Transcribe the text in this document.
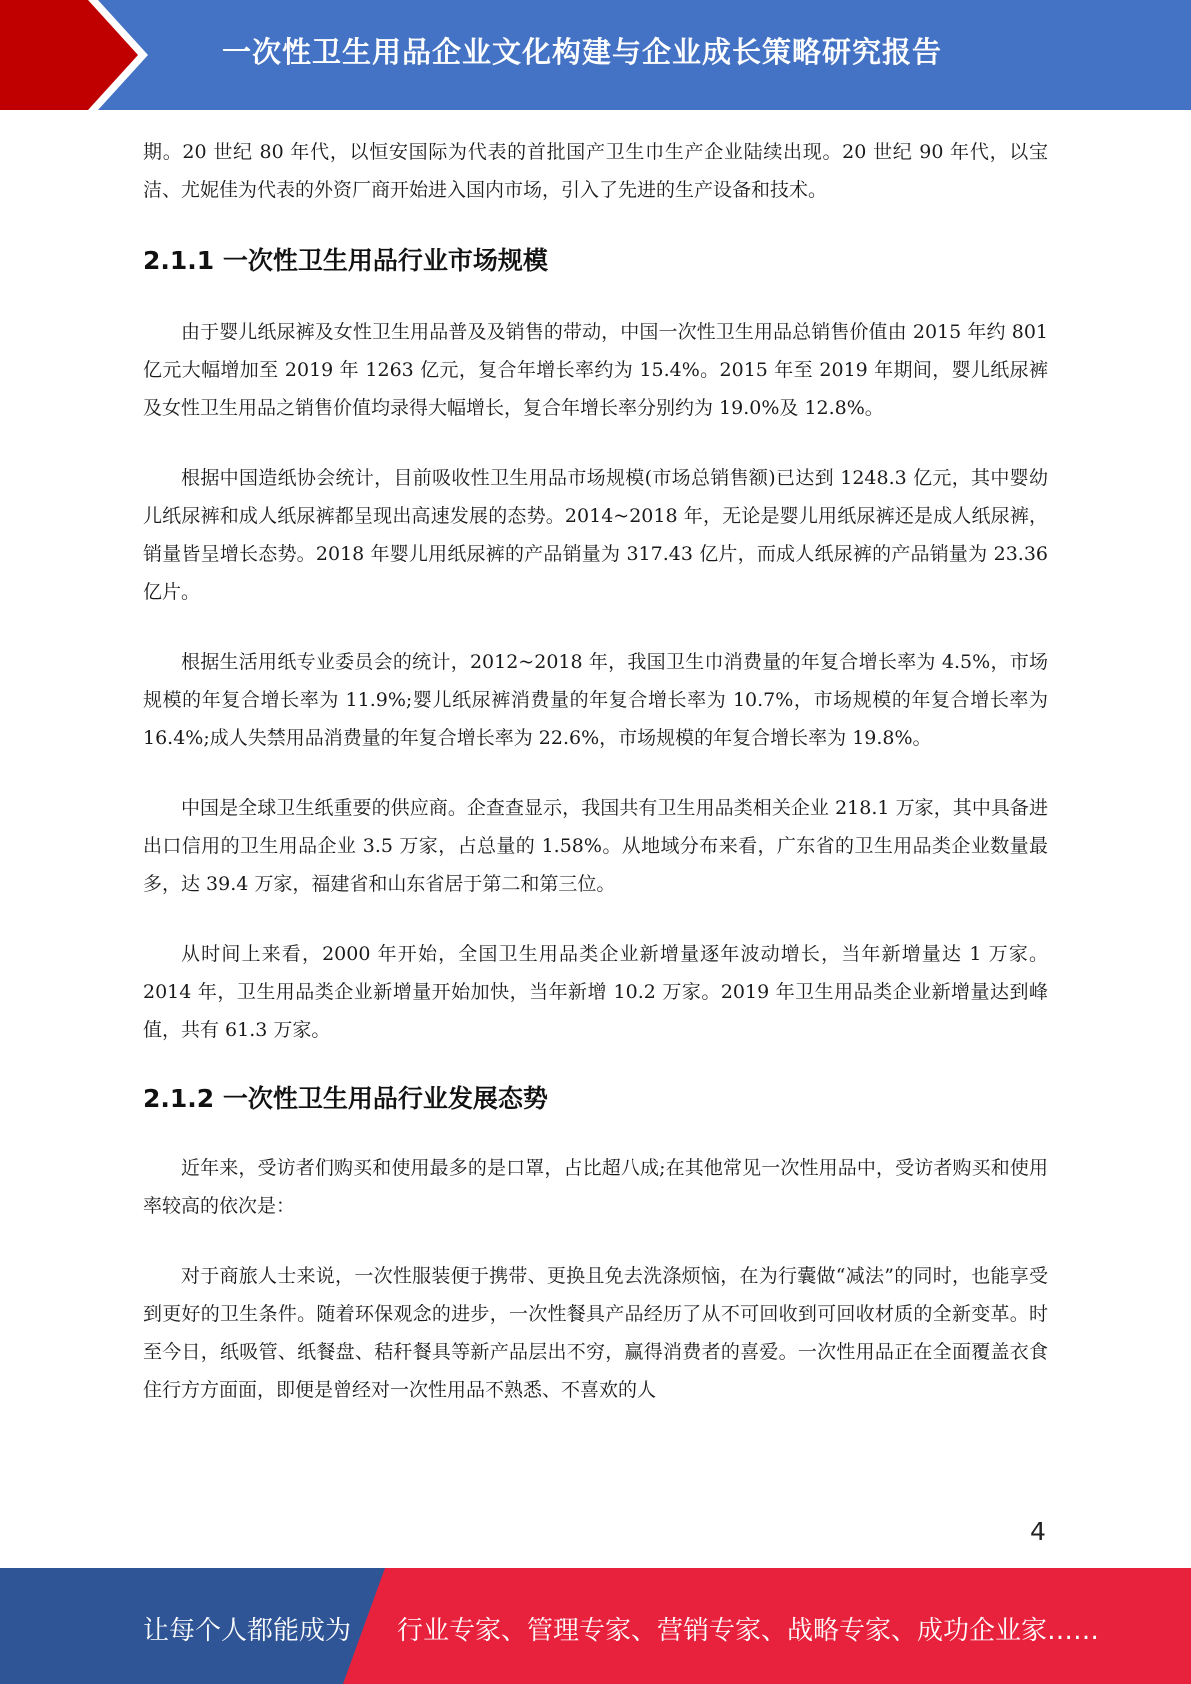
一次性卫生用品企业文化构建与企业成长策略研究报告

期。20 世纪 80 年代，以恒安国际为代表的首批国产卫生巾生产企业陆续出现。20 世纪 90 年代，以宝洁、尤妮佳为代表的外资厂商开始进入国内市场，引入了先进的生产设备和技术。

2.1.1 一次性卫生用品行业市场规模

由于婴儿纸尿裤及女性卫生用品普及及销售的带动，中国一次性卫生用品总销售价值由 2015 年约 801 亿元大幅增加至 2019 年 1263 亿元，复合年增长率约为 15.4%。2015 年至 2019 年期间，婴儿纸尿裤及女性卫生用品之销售价值均录得大幅增长，复合年增长率分别约为 19.0%及 12.8%。

根据中国造纸协会统计，目前吸收性卫生用品市场规模(市场总销售额)已达到 1248.3 亿元，其中婴幼儿纸尿裤和成人纸尿裤都呈现出高速发展的态势。2014~2018 年，无论是婴儿用纸尿裤还是成人纸尿裤，销量皆呈增长态势。2018 年婴儿用纸尿裤的产品销量为 317.43 亿片，而成人纸尿裤的产品销量为 23.36 亿片。

根据生活用纸专业委员会的统计，2012~2018 年，我国卫生巾消费量的年复合增长率为 4.5%，市场规模的年复合增长率为 11.9%;婴儿纸尿裤消费量的年复合增长率为 10.7%，市场规模的年复合增长率为 16.4%;成人失禁用品消费量的年复合增长率为 22.6%，市场规模的年复合增长率为 19.8%。

中国是全球卫生纸重要的供应商。企查查显示，我国共有卫生用品类相关企业 218.1 万家，其中具备进出口信用的卫生用品企业 3.5 万家，占总量的 1.58%。从地域分布来看，广东省的卫生用品类企业数量最多，达 39.4 万家，福建省和山东省居于第二和第三位。

从时间上来看，2000 年开始，全国卫生用品类企业新增量逐年波动增长，当年新增量达 1 万家。2014 年，卫生用品类企业新增量开始加快，当年新增 10.2 万家。2019 年卫生用品类企业新增量达到峰值，共有 61.3 万家。

2.1.2 一次性卫生用品行业发展态势

近年来，受访者们购买和使用最多的是口罩，占比超八成;在其他常见一次性用品中，受访者购买和使用率较高的依次是：

对于商旅人士来说，一次性服装便于携带、更换且免去洗涤烦恼，在为行囊做“减法”的同时，也能享受到更好的卫生条件。随着环保观念的进步，一次性餐具产品经历了从不可回收到可回收材质的全新变革。时至今日，纸吸管、纸餐盘、秸秆餐具等新产品层出不穷，赢得消费者的喜爱。一次性用品正在全面覆盖衣食住行方方面面，即便是曾经对一次性用品不熟悉、不喜欢的人

4
让每个人都能成为 行业专家、管理专家、营销专家、战略专家、成功企业家……
